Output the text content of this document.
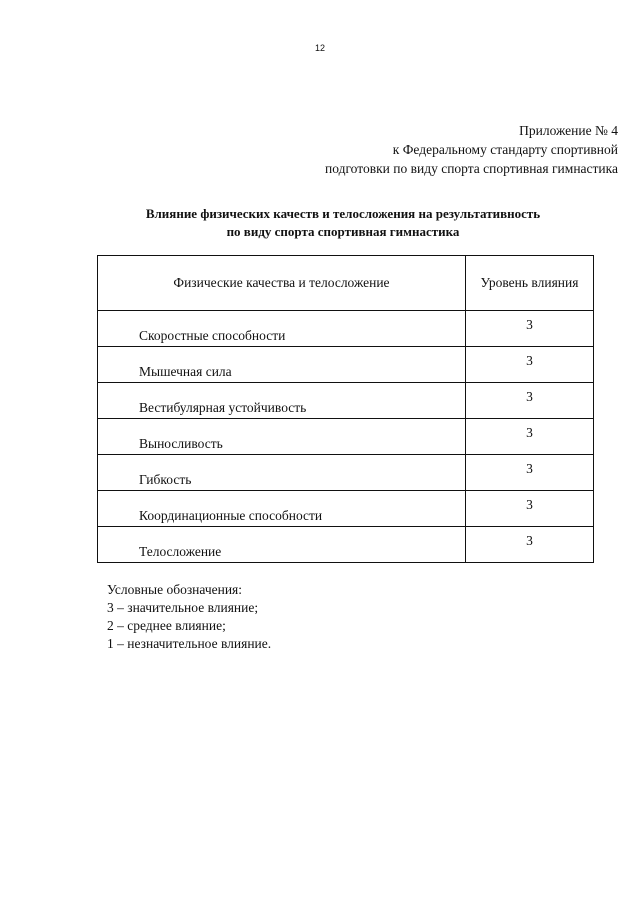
12
Приложение № 4
к Федеральному стандарту спортивной
подготовки по виду спорта спортивная гимнастика
Влияние физических качеств и телосложения на результативность
по виду спорта спортивная гимнастика
Физические качества и телосложение	Уровень влияния

Скоростные способности	3

Мышечная сила	3

Вестибулярная устойчивость	3

Выносливость	3

Гибкость	3

Координационные способности	3

Телосложение	3
Условные обозначения:
3 – значительное влияние;
2 – среднее влияние;
1 – незначительное влияние.
